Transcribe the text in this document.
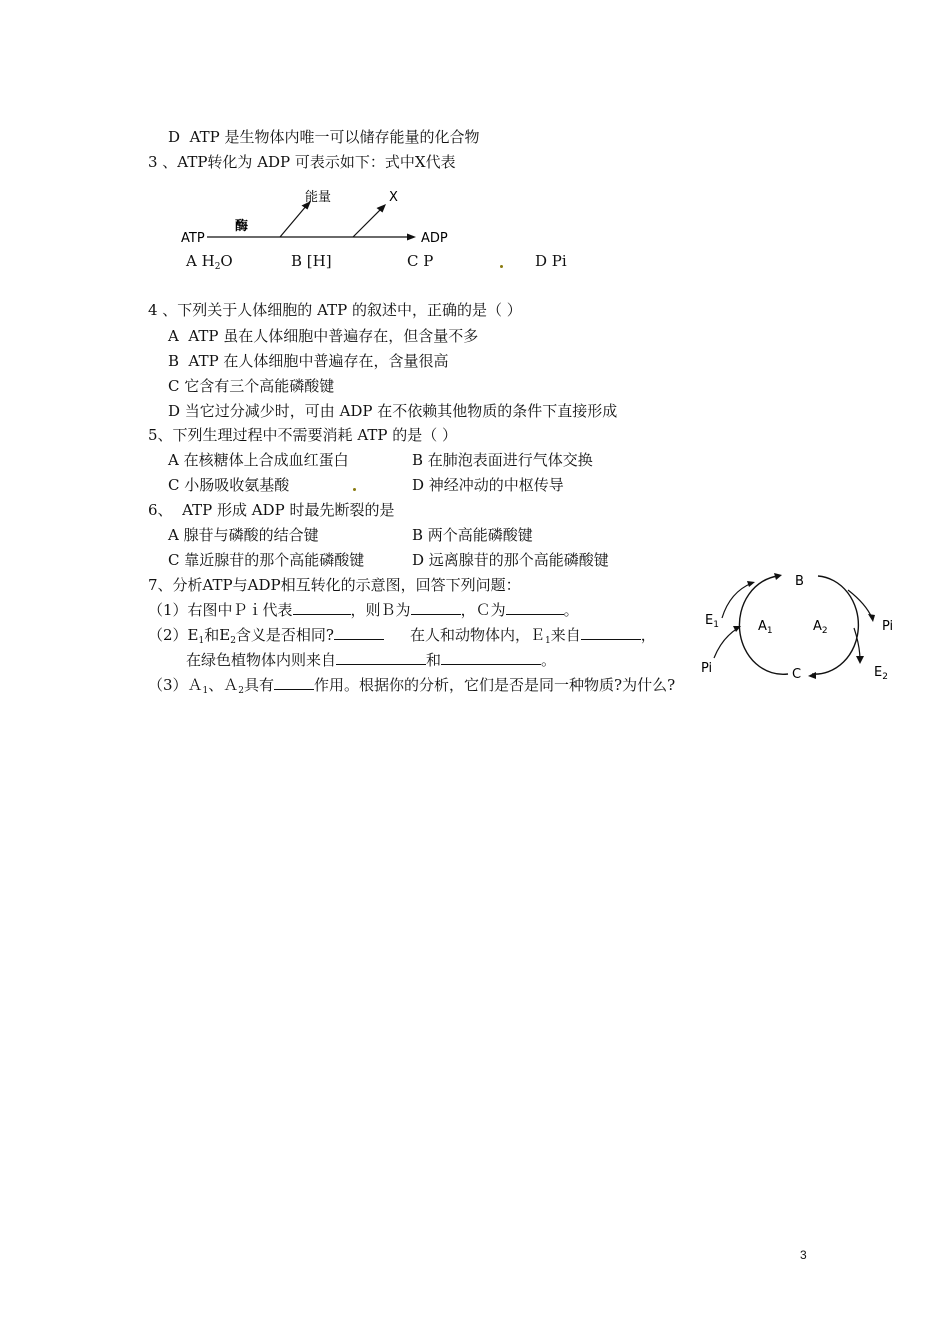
D  ATP 是生物体内唯一可以储存能量的化合物
3 、ATP转化为 ADP 可表示如下：式中X代表
ATP
酶
能量	X
ADP
A $H_2O$	B [H]	C P	D Pi
4 、下列关于人体细胞的 ATP 的叙述中，正确的是（ ）
A  ATP 虽在人体细胞中普遍存在，但含量不多
B  ATP 在人体细胞中普遍存在，含量很高
C 它含有三个高能磷酸键
D 当它过分减少时，可由 ADP 在不依赖其他物质的条件下直接形成
5、下列生理过程中不需要消耗 ATP 的是（ ）
A 在核糖体上合成血红蛋白	B 在肺泡表面进行气体交换
C 小肠吸收氨基酸	D 神经冲动的中枢传导
6、  ATP 形成 ADP 时最先断裂的是
A 腺苷与磷酸的结合键	B 两个高能磷酸键
C 靠近腺苷的那个高能磷酸键	D 远离腺苷的那个高能磷酸键
7、分析ATP与ADP相互转化的示意图，回答下列问题：
（1）右图中Ｐｉ代表	，则Ｂ为	，Ｃ为	。
$(2)E_1$和$E_2$含义是否相同?	在人和动物体内，Ｅ$_1$来自	，
在绿色植物体内则来自	和	。
（3）Ａ$_1$、Ａ$_2$具有	作用。根据你的分析，它们是否是同一种物质?为什么?
B
C
$E_1$	$A_1$	$A_2$	Pi
Pi	$E_2$
3
